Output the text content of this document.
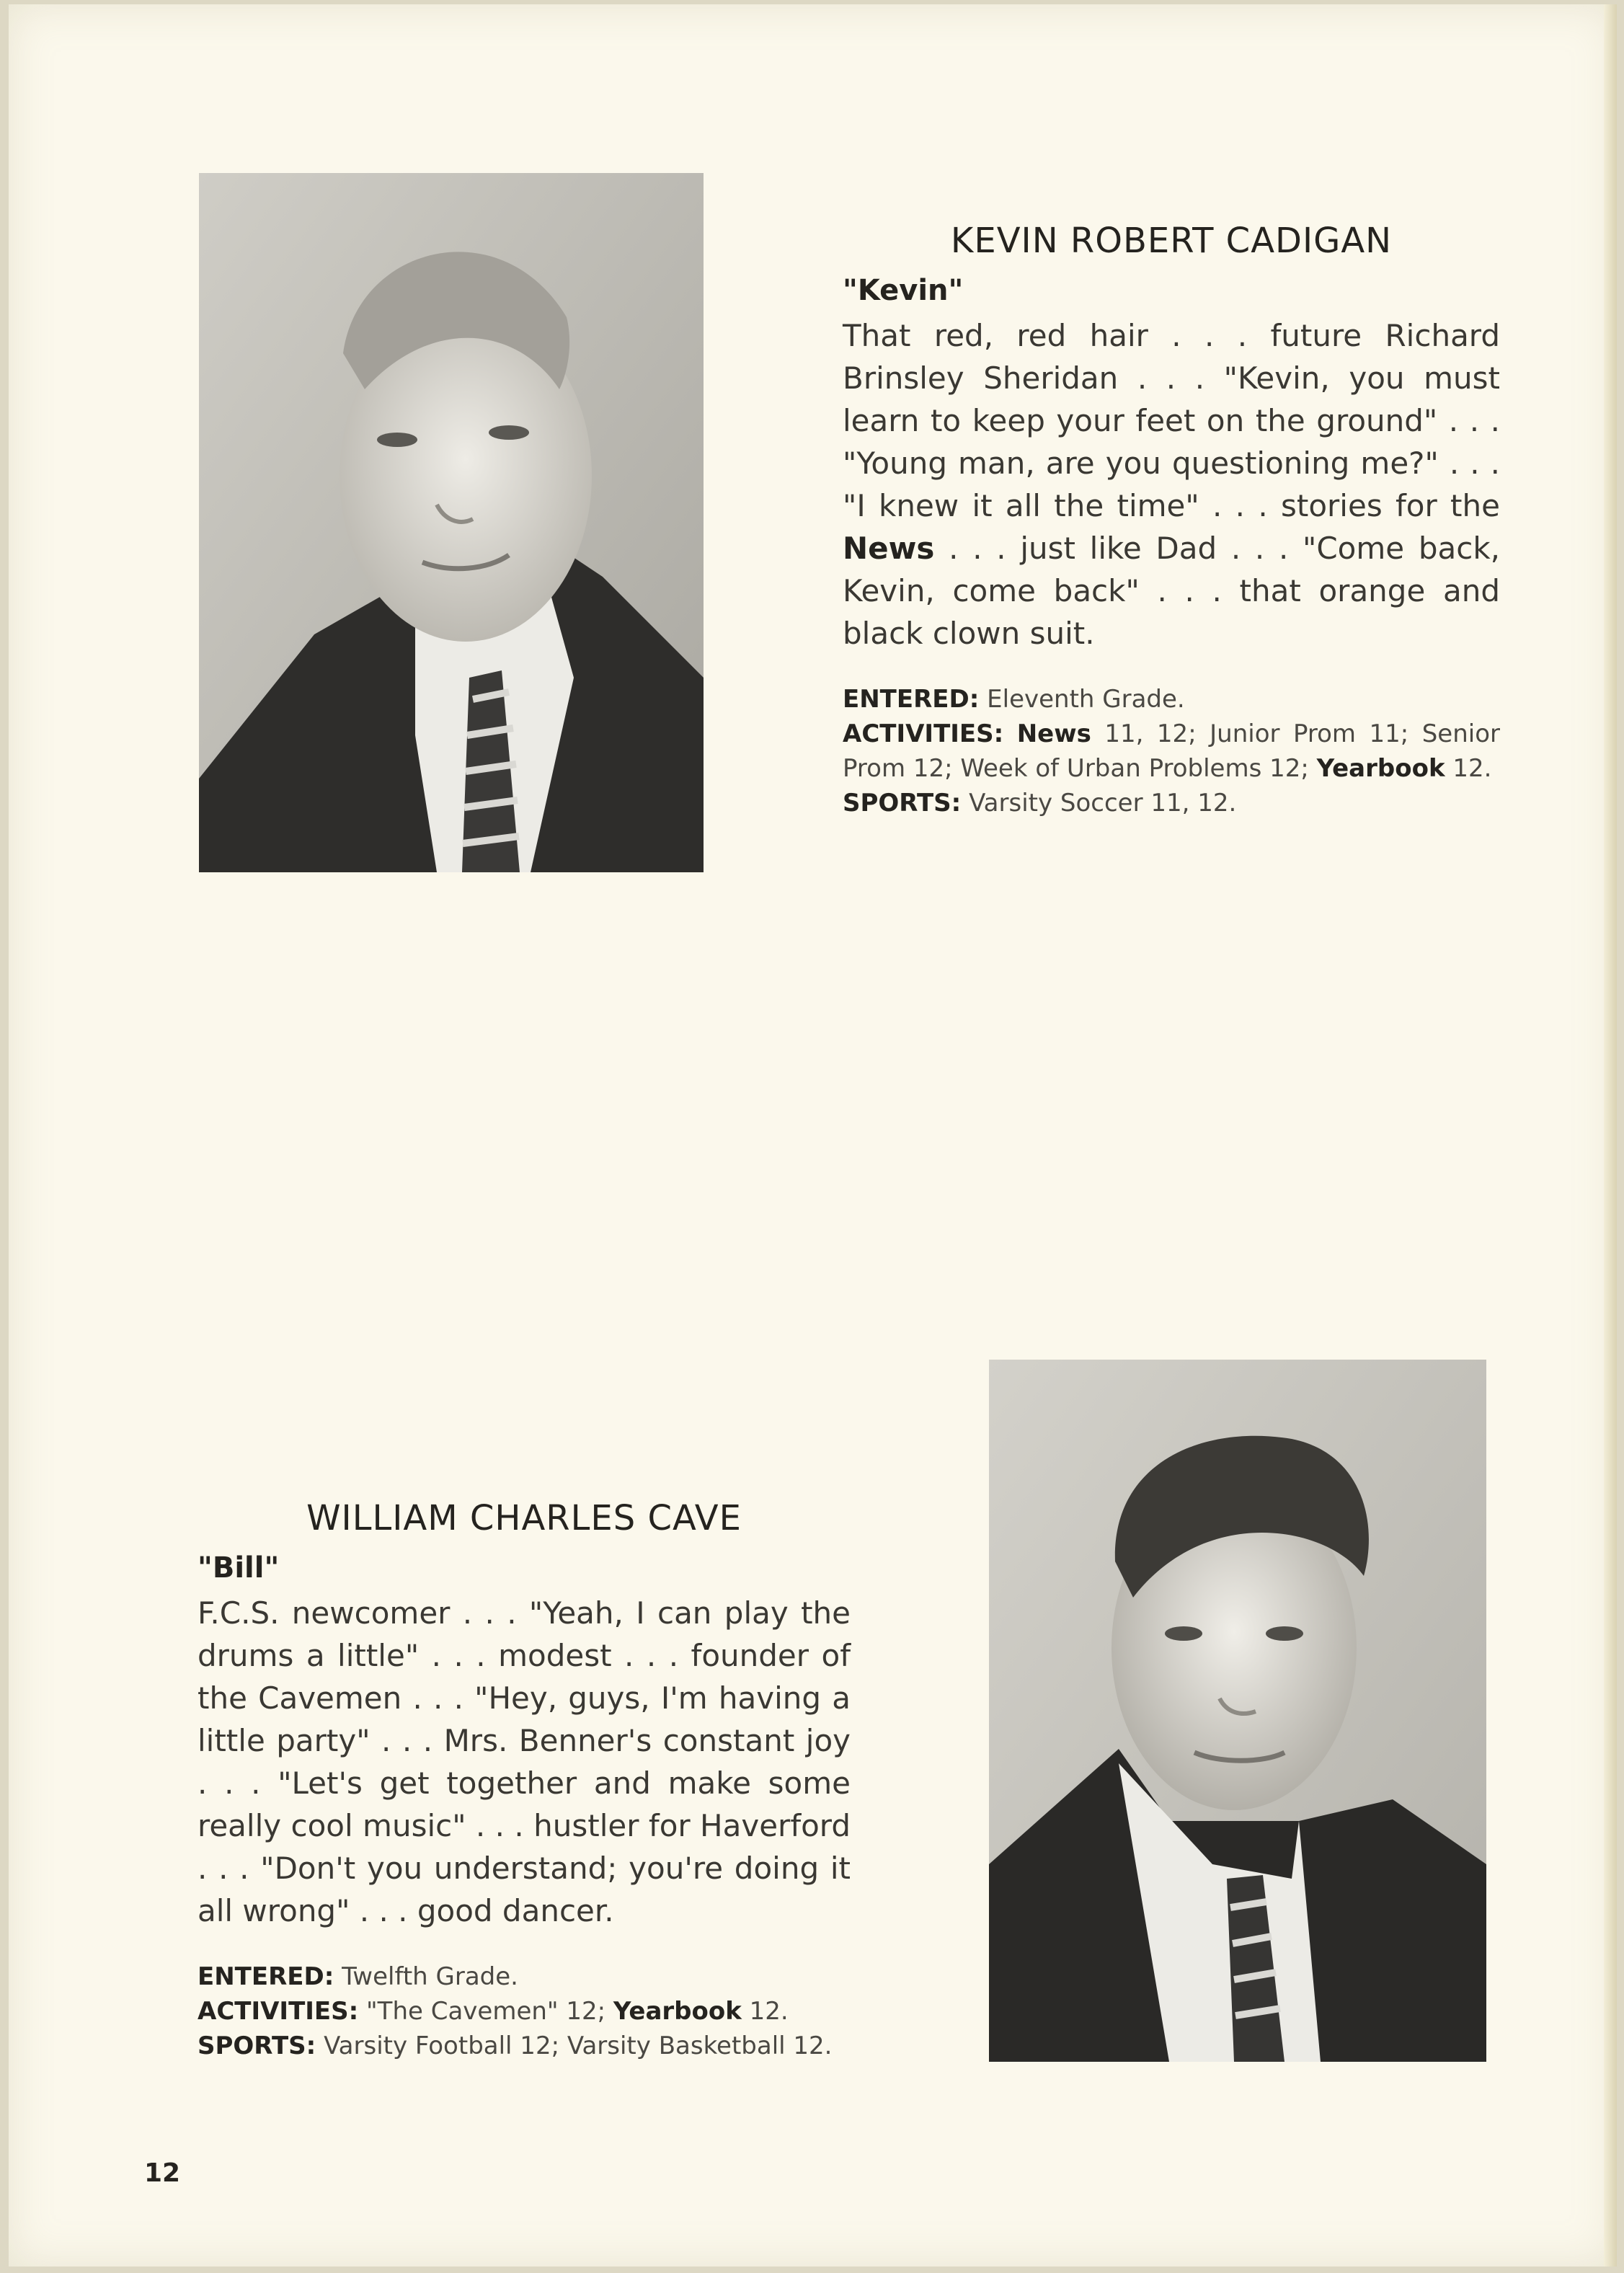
KEVIN ROBERT CADIGAN
"Kevin"

That red, red hair . . . future Richard Brinsley Sheridan . . . "Kevin, you must learn to keep your feet on the ground" . . . "Young man, are you questioning me?" . . . "I knew it all the time" . . . stories for the News . . . just like Dad . . . "Come back, Kevin, come back" . . . that orange and black clown suit.

ENTERED: Eleventh Grade.
ACTIVITIES: News 11, 12; Junior Prom 11; Senior Prom 12; Week of Urban Problems 12; Yearbook 12.
SPORTS: Varsity Soccer 11, 12.
WILLIAM CHARLES CAVE
"Bill"

F.C.S. newcomer . . . "Yeah, I can play the drums a little" . . . modest . . . founder of the Cavemen . . . "Hey, guys, I'm having a little party" . . . Mrs. Benner's constant joy . . . "Let's get together and make some really cool music" . . . hustler for Haverford . . . "Don't you understand; you're doing it all wrong" . . . good dancer.

ENTERED: Twelfth Grade.
ACTIVITIES: "The Cavemen" 12; Yearbook 12.
SPORTS: Varsity Football 12; Varsity Basketball 12.
12
